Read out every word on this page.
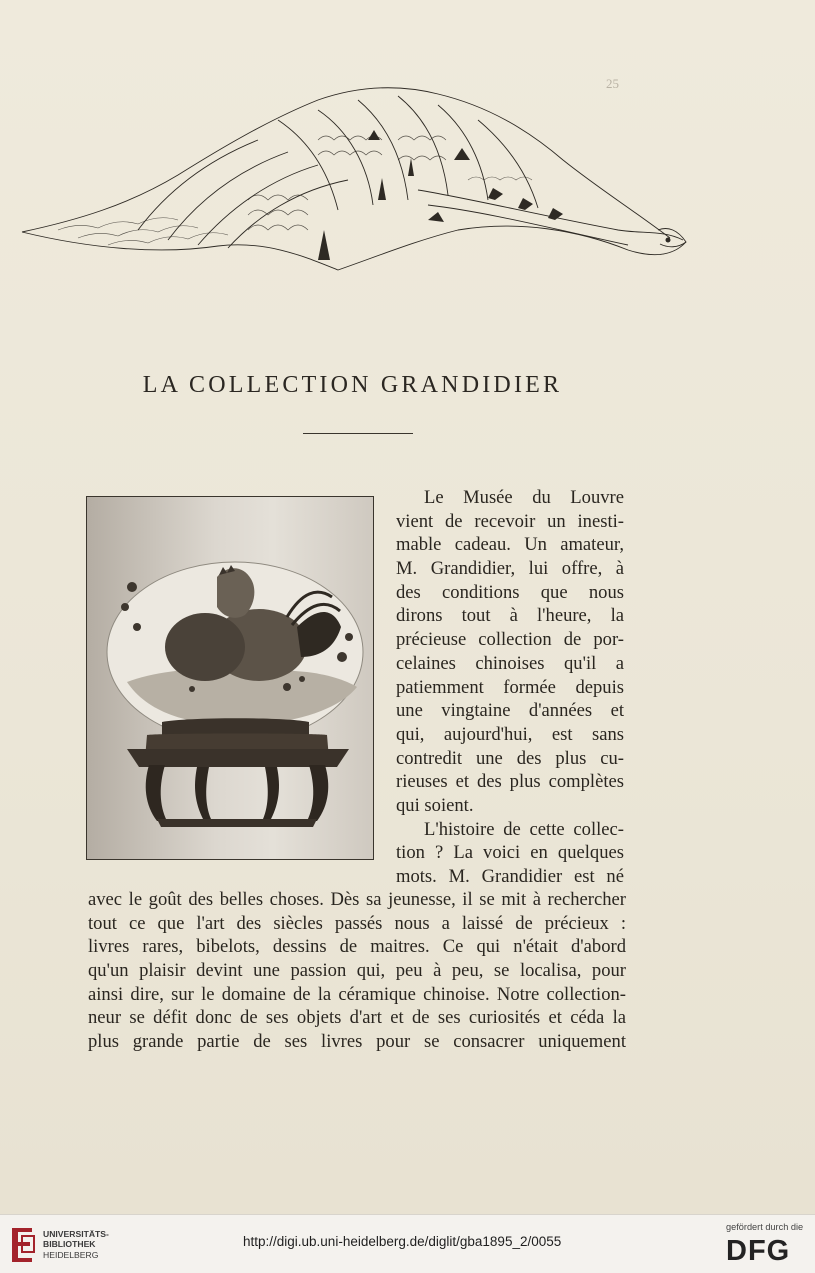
25
LA COLLECTION GRANDIDIER
Le Musée du Louvre
vient de recevoir un inesti-
mable cadeau. Un amateur,
M. Grandidier, lui offre, à
des conditions que nous
dirons tout à l'heure, la
précieuse collection de por-
celaines chinoises qu'il a
patiemment formée depuis
une vingtaine d'années et
qui, aujourd'hui, est sans
contredit une des plus cu-
rieuses et des plus complètes
qui soient.
L'histoire de cette collec-
tion ? La voici en quelques
mots. M. Grandidier est né
avec le goût des belles choses. Dès sa jeunesse, il se mit à rechercher
tout ce que l'art des siècles passés nous a laissé de précieux :
livres rares, bibelots, dessins de maitres. Ce qui n'était d'abord
qu'un plaisir devint une passion qui, peu à peu, se localisa, pour
ainsi dire, sur le domaine de la céramique chinoise. Notre collection-
neur se défit donc de ses objets d'art et de ses curiosités et céda la
plus grande partie de ses livres pour se consacrer uniquement
UNIVERSITÄTS-
BIBLIOTHEK
HEIDELBERG
http://digi.ub.uni-heidelberg.de/diglit/gba1895_2/0055
gefördert durch die
DFG
